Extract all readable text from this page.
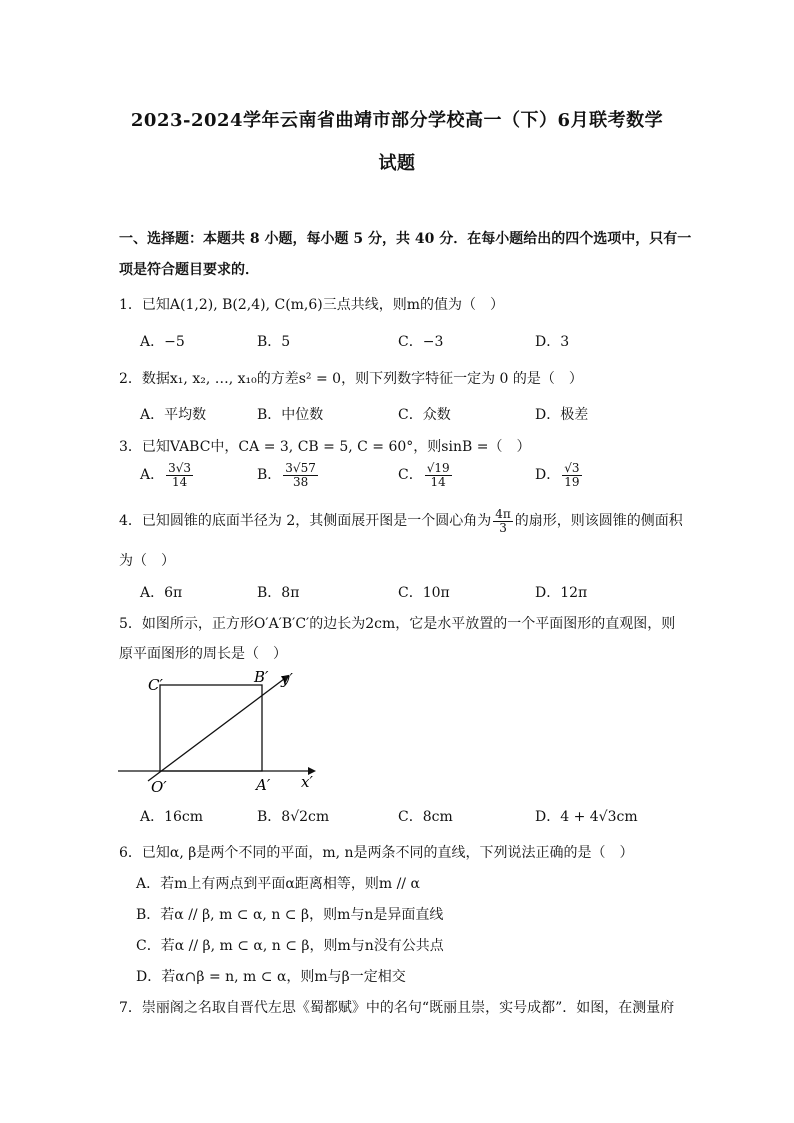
2023-2024学年云南省曲靖市部分学校高一（下）6月联考数学
试题
一、选择题：本题共 8 小题，每小题 5 分，共 40 分．在每小题给出的四个选项中，只有一
项是符合题目要求的．
1．已知A(1,2), B(2,4), C(m,6)三点共线，则m的值为（　）
A．−5	B．5	C．−3	D．3
2．数据x₁, x₂, …, x₁₀的方差s² = 0，则下列数字特征一定为 0 的是（　）
A．平均数	B．中位数	C．众数	D．极差
3．已知VABC中，CA = 3, CB = 5, C = 60°，则sinB =（　）
A． $\frac{3√3}{14}$	B． $\frac{3√57}{38}$	C． $\frac{√19}{14}$	D． $\frac{√3}{19}$
4．已知圆锥的底面半径为 2，其侧面展开图是一个圆心角为 $\frac{4\pi}{3}$ 的扇形，则该圆锥的侧面积
为（　）
A．6π	B．8π	C．10π	D．12π
5．如图所示，正方形O′A′B′C′的边长为2cm，它是水平放置的一个平面图形的直观图，则
原平面图形的周长是（　）
C′	B′ y′
O′	A′ x′
A．16cm	B．8√2cm	C．8cm	D．4 + 4√3cm
6．已知α, β是两个不同的平面，m, n是两条不同的直线，下列说法正确的是（　）
A．若m上有两点到平面α距离相等，则m // α
B．若α // β, m ⊂ α, n ⊂ β，则m与n是异面直线
C．若α // β, m ⊂ α, n ⊂ β，则m与n没有公共点
D．若α∩β = n, m ⊂ α，则m与β一定相交
7．崇丽阁之名取自晋代左思《蜀都赋》中的名句“既丽且崇，实号成都”．如图，在测量府
